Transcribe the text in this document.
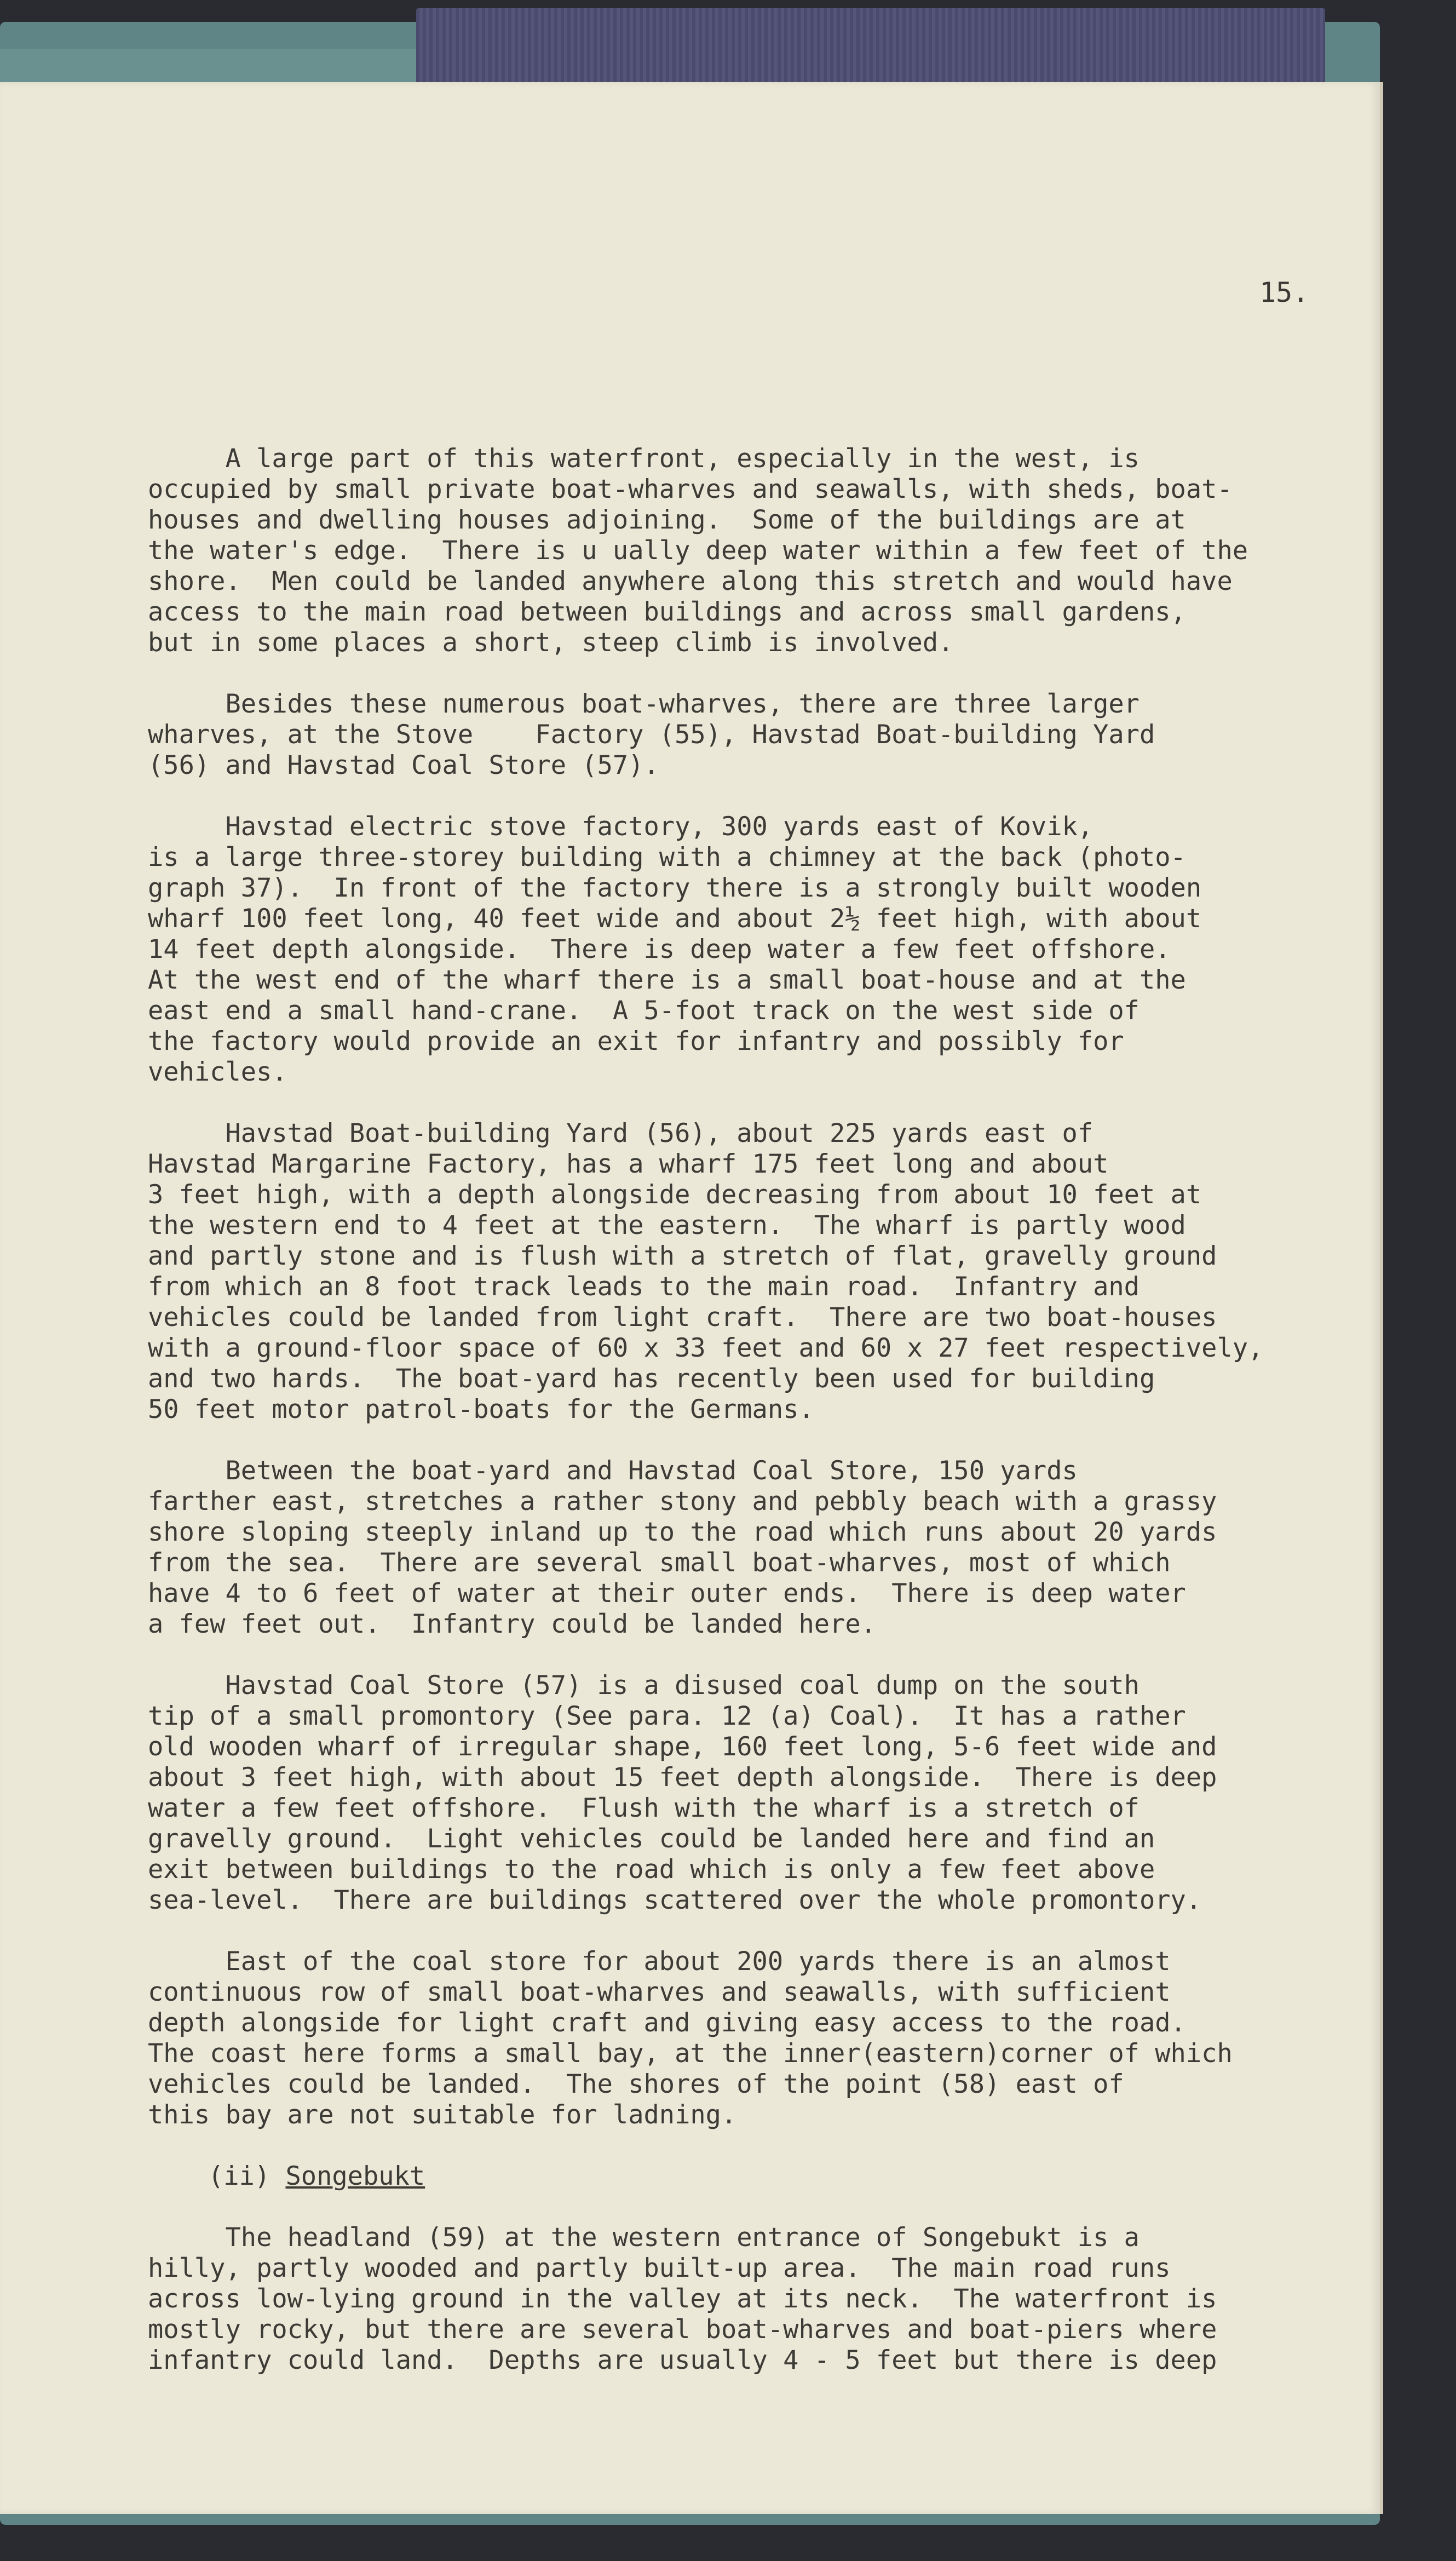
15.

A large part of this waterfront, especially in the west, is
occupied by small private boat-wharves and seawalls, with sheds, boat-
houses and dwelling houses adjoining.  Some of the buildings are at
the water's edge.  There is u ually deep water within a few feet of the
shore.  Men could be landed anywhere along this stretch and would have
access to the main road between buildings and across small gardens,
but in some places a short, steep climb is involved.

Besides these numerous boat-wharves, there are three larger
wharves, at the Stove    Factory (55), Havstad Boat-building Yard
(56) and Havstad Coal Store (57).

Havstad electric stove factory, 300 yards east of Kovik,
is a large three-storey building with a chimney at the back (photo-
graph 37).  In front of the factory there is a strongly built wooden
wharf 100 feet long, 40 feet wide and about 2½ feet high, with about
14 feet depth alongside.  There is deep water a few feet offshore.
At the west end of the wharf there is a small boat-house and at the
east end a small hand-crane.  A 5-foot track on the west side of
the factory would provide an exit for infantry and possibly for
vehicles.

Havstad Boat-building Yard (56), about 225 yards east of
Havstad Margarine Factory, has a wharf 175 feet long and about
3 feet high, with a depth alongside decreasing from about 10 feet at
the western end to 4 feet at the eastern.  The wharf is partly wood
and partly stone and is flush with a stretch of flat, gravelly ground
from which an 8 foot track leads to the main road.  Infantry and
vehicles could be landed from light craft.  There are two boat-houses
with a ground-floor space of 60 x 33 feet and 60 x 27 feet respectively,
and two hards.  The boat-yard has recently been used for building
50 feet motor patrol-boats for the Germans.

Between the boat-yard and Havstad Coal Store, 150 yards
farther east, stretches a rather stony and pebbly beach with a grassy
shore sloping steeply inland up to the road which runs about 20 yards
from the sea.  There are several small boat-wharves, most of which
have 4 to 6 feet of water at their outer ends.  There is deep water
a few feet out.  Infantry could be landed here.

Havstad Coal Store (57) is a disused coal dump on the south
tip of a small promontory (See para. 12 (a) Coal).  It has a rather
old wooden wharf of irregular shape, 160 feet long, 5-6 feet wide and
about 3 feet high, with about 15 feet depth alongside.  There is deep
water a few feet offshore.  Flush with the wharf is a stretch of
gravelly ground.  Light vehicles could be landed here and find an
exit between buildings to the road which is only a few feet above
sea-level.  There are buildings scattered over the whole promontory.

East of the coal store for about 200 yards there is an almost
continuous row of small boat-wharves and seawalls, with sufficient
depth alongside for light craft and giving easy access to the road.
The coast here forms a small bay, at the inner(eastern)corner of which
vehicles could be landed.  The shores of the point (58) east of
this bay are not suitable for ladning.

(ii) Songebukt

The headland (59) at the western entrance of Songebukt is a
hilly, partly wooded and partly built-up area.  The main road runs
across low-lying ground in the valley at its neck.  The waterfront is
mostly rocky, but there are several boat-wharves and boat-piers where
infantry could land.  Depths are usually 4 - 5 feet but there is deep
